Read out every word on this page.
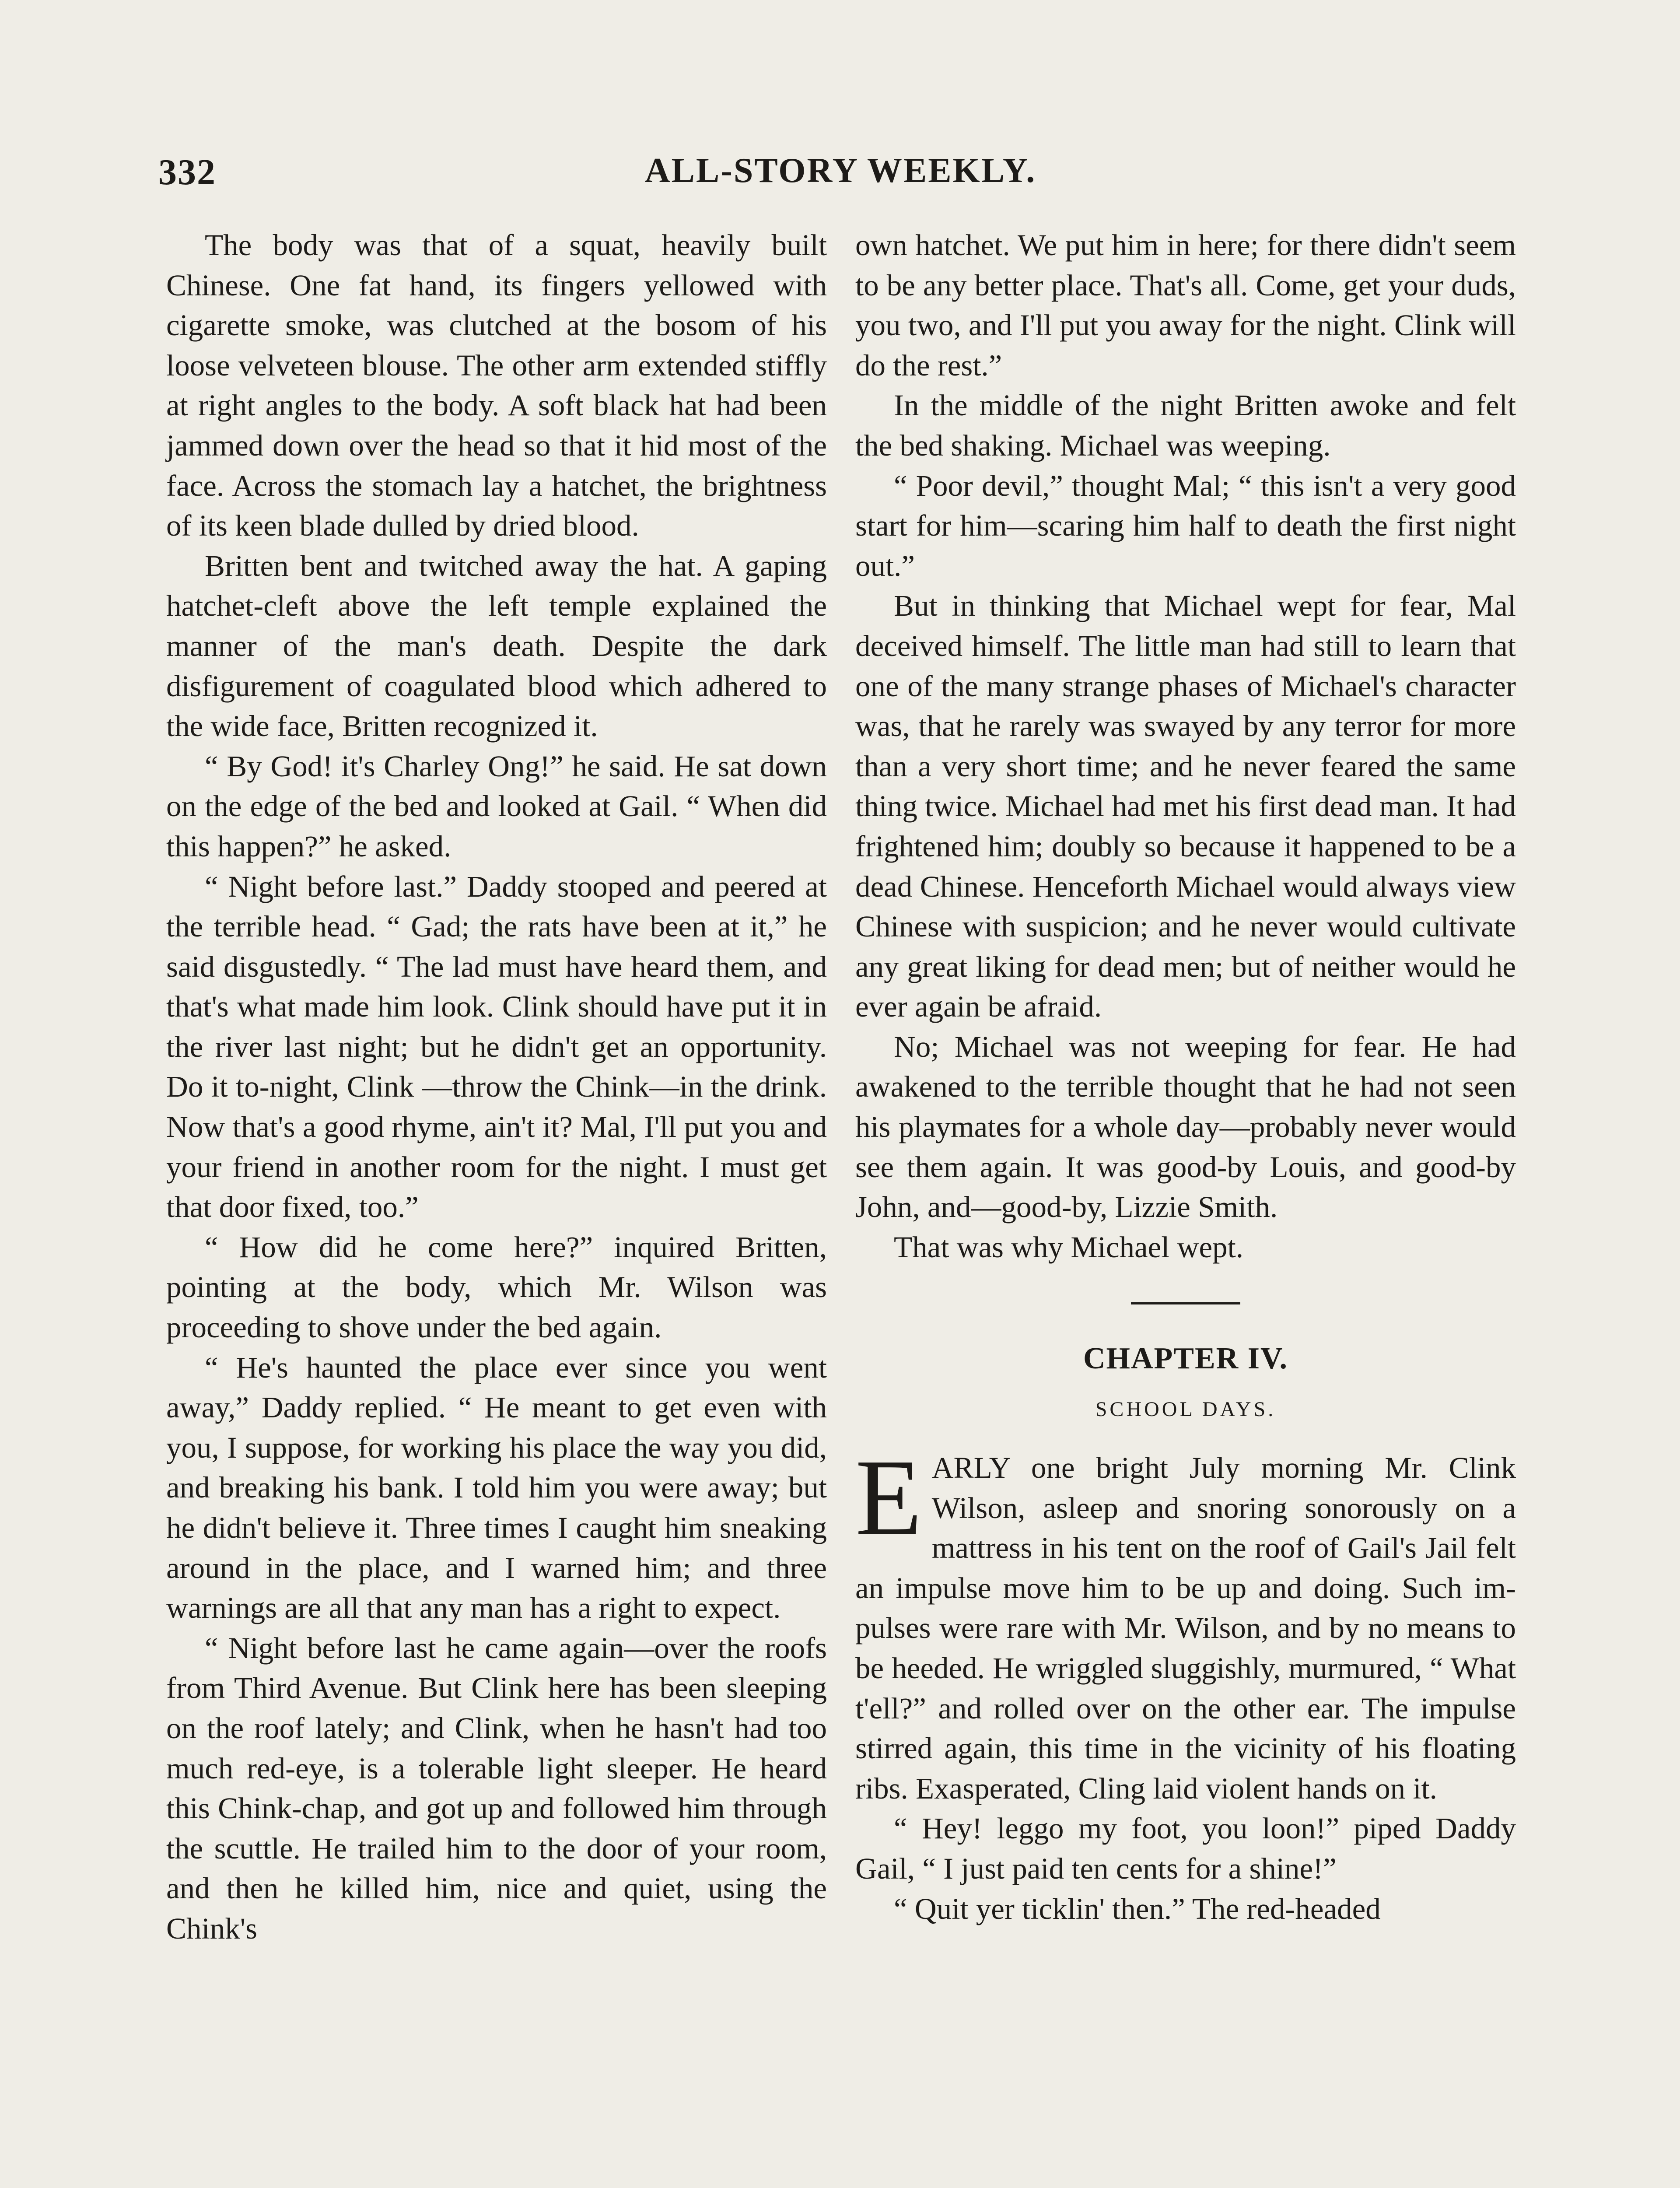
332	ALL-STORY WEEKLY.

The body was that of a squat, heavily built Chinese. One fat hand, its fingers yellowed with cigarette smoke, was clutched at the bosom of his loose velveteen blouse. The other arm extended stiffly at right angles to the body. A soft black hat had been jammed down over the head so that it hid most of the face. Across the stomach lay a hatchet, the brightness of its keen blade dulled by dried blood.

Britten bent and twitched away the hat. A gaping hatchet-cleft above the left temple explained the manner of the man's death. Despite the dark disfigurement of coagulated blood which adhered to the wide face, Britten recognized it.

“ By God! it's Charley Ong!” he said. He sat down on the edge of the bed and looked at Gail. “ When did this happen?” he asked.

“ Night before last.” Daddy stooped and peered at the terrible head. “ Gad; the rats have been at it,” he said disgustedly. “ The lad must have heard them, and that's what made him look. Clink should have put it in the river last night; but he didn't get an opportunity. Do it to-night, Clink —throw the Chink—in the drink. Now that's a good rhyme, ain't it? Mal, I'll put you and your friend in another room for the night. I must get that door fixed, too.”

“ How did he come here?” inquired Britten, pointing at the body, which Mr. Wilson was proceeding to shove under the bed again.

“ He's haunted the place ever since you went away,” Daddy replied. “ He meant to get even with you, I suppose, for working his place the way you did, and breaking his bank. I told him you were away; but he didn't believe it. Three times I caught him sneaking around in the place, and I warned him; and three warnings are all that any man has a right to expect.

“ Night before last he came again—over the roofs from Third Avenue. But Clink here has been sleeping on the roof lately; and Clink, when he hasn't had too much red-eye, is a tolerable light sleeper. He heard this Chink-chap, and got up and followed him through the scuttle. He trailed him to the door of your room, and then he killed him, nice and quiet, using the Chink's

own hatchet. We put him in here; for there didn't seem to be any better place. That's all. Come, get your duds, you two, and I'll put you away for the night. Clink will do the rest.”

In the middle of the night Britten awoke and felt the bed shaking. Michael was weeping.

“ Poor devil,” thought Mal; “ this isn't a very good start for him—scaring him half to death the first night out.”

But in thinking that Michael wept for fear, Mal deceived himself. The little man had still to learn that one of the many strange phases of Michael's character was, that he rarely was swayed by any terror for more than a very short time; and he never feared the same thing twice. Michael had met his first dead man. It had frightened him; doubly so because it happened to be a dead Chinese. Henceforth Michael would always view Chinese with suspicion; and he never would cultivate any great liking for dead men; but of neither would he ever again be afraid.

No; Michael was not weeping for fear. He had awakened to the terrible thought that he had not seen his playmates for a whole day—probably never would see them again. It was good-by Louis, and good-by John, and—good-by, Lizzie Smith.

That was why Michael wept.

CHAPTER IV.
SCHOOL DAYS.

EARLY one bright July morning Mr. Clink Wilson, asleep and snoring sonorously on a mattress in his tent on the roof of Gail's Jail felt an impulse move him to be up and doing. Such impulses were rare with Mr. Wilson, and by no means to be heeded. He wriggled sluggishly, murmured, “ What t'ell?” and rolled over on the other ear. The impulse stirred again, this time in the vicinity of his floating ribs. Exasperated, Cling laid violent hands on it.

“ Hey! leggo my foot, you loon!” piped Daddy Gail, “ I just paid ten cents for a shine!”

“ Quit yer ticklin' then.” The red-headed
